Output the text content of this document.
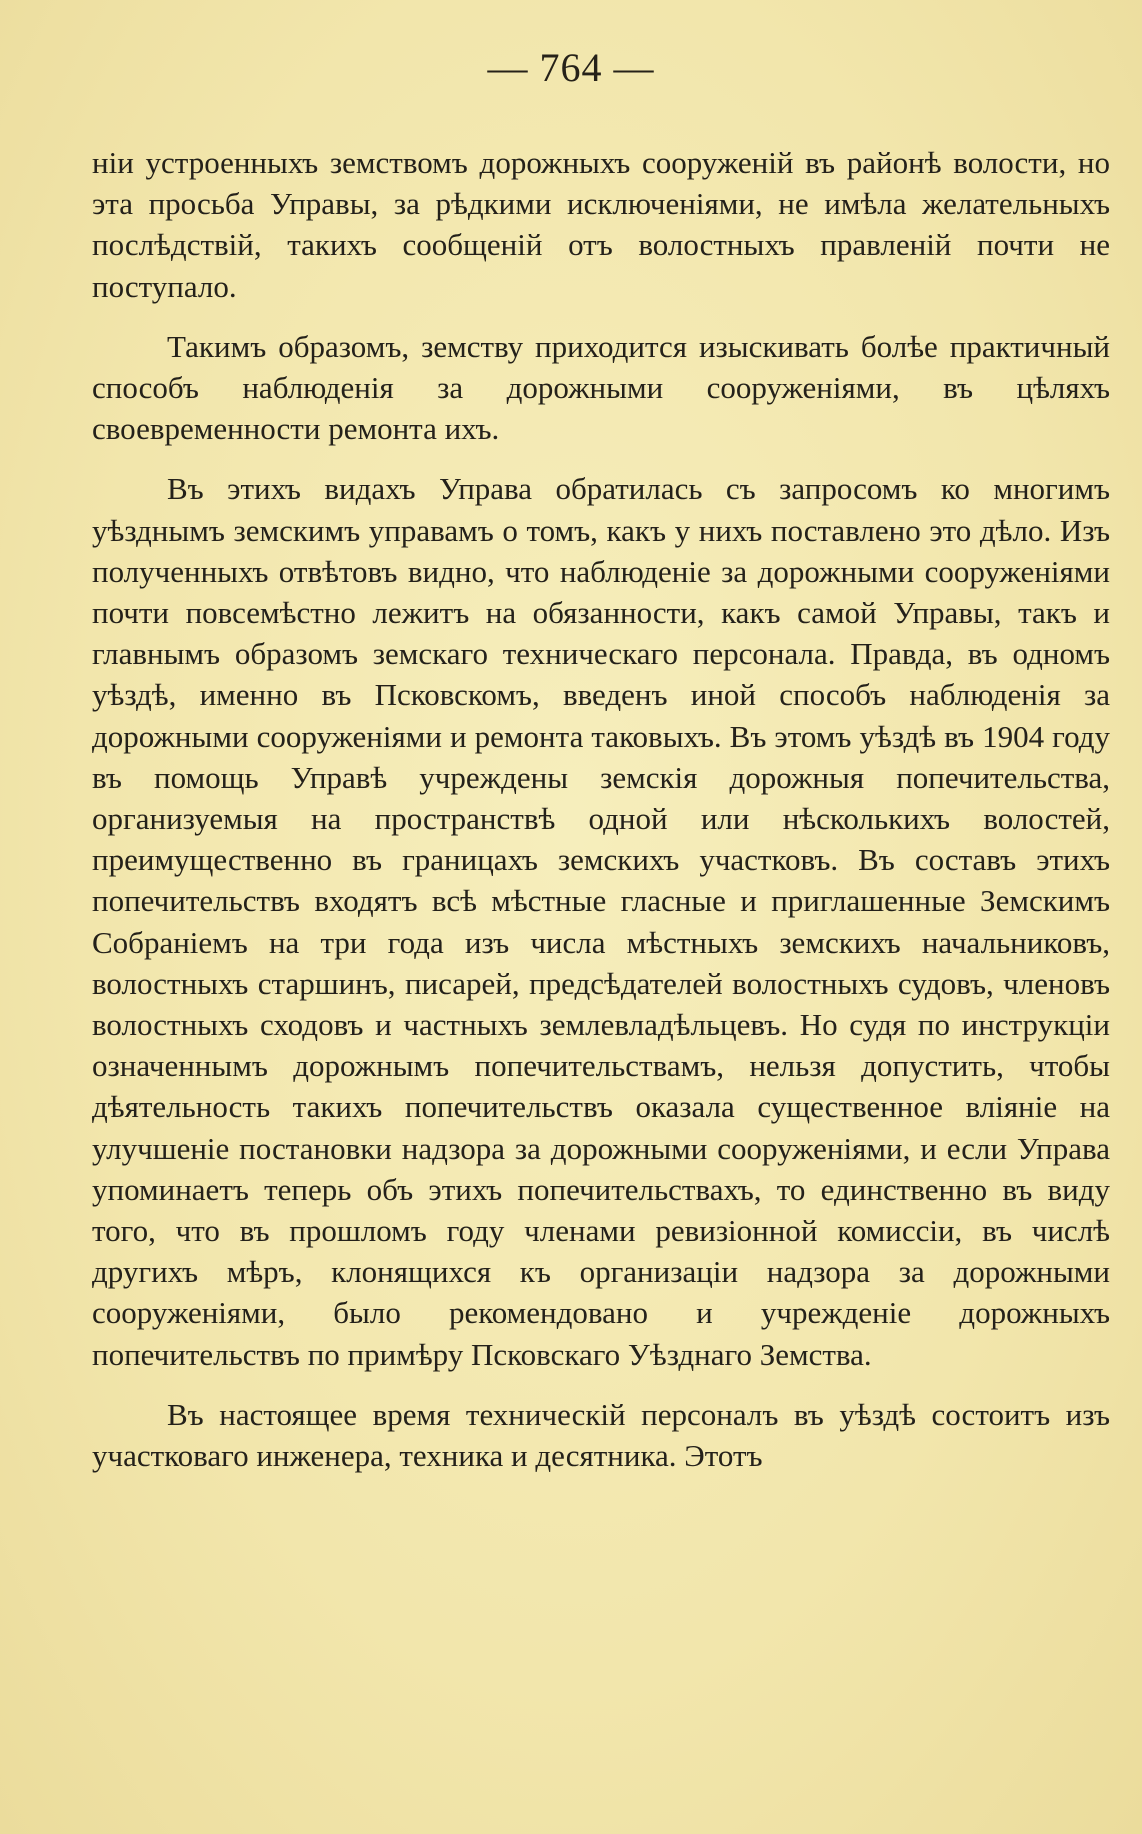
— 764 —

нiи устроенныхъ земствомъ дорожныхъ сооруженiй въ районѣ волости, но эта просьба Управы, за рѣдкими исключенiями, не имѣла желательныхъ послѣдствiй, такихъ сообщенiй отъ волостныхъ правленiй почти не поступало.

Такимъ образомъ, земству приходится изыскивать болѣе практичный способъ наблюденiя за дорожными сооруженiями, въ цѣляхъ своевременности ремонта ихъ.

Въ этихъ видахъ Управа обратилась съ запросомъ ко многимъ уѣзднымъ земскимъ управамъ о томъ, какъ у нихъ поставлено это дѣло. Изъ полученныхъ отвѣтовъ видно, что наблюденiе за дорожными сооруженiями почти повсемѣстно лежитъ на обязанности, какъ самой Управы, такъ и главнымъ образомъ земскаго техническаго персонала. Правда, въ одномъ уѣздѣ, именно въ Псковскомъ, введенъ иной способъ наблюденiя за дорожными сооруженiями и ремонта таковыхъ. Въ этомъ уѣздѣ въ 1904 году въ помощь Управѣ учреждены земскiя дорожныя попечительства, организуемыя на пространствѣ одной или нѣсколькихъ волостей, преимущественно въ границахъ земскихъ участковъ. Въ составъ этихъ попечительствъ входятъ всѣ мѣстные гласные и приглашенные Земскимъ Собранiемъ на три года изъ числа мѣстныхъ земскихъ начальниковъ, волостныхъ старшинъ, писарей, предсѣдателей волостныхъ судовъ, членовъ волостныхъ сходовъ и частныхъ землевладѣльцевъ. Но судя по инструкцiи означеннымъ дорожнымъ попечительствамъ, нельзя допустить, чтобы дѣятельность такихъ попечительствъ оказала существенное влiянiе на улучшенiе постановки надзора за дорожными сооруженiями, и если Управа упоминаетъ теперь объ этихъ попечительствахъ, то единственно въ виду того, что въ прошломъ году членами ревизiонной комиссiи, въ числѣ другихъ мѣръ, клонящихся къ организацiи надзора за дорожными сооруженiями, было рекомендовано и учрежденiе дорожныхъ попечительствъ по примѣру Псковскаго Уѣзднаго Земства.

Въ настоящее время техническiй персоналъ въ уѣздѣ состоитъ изъ участковаго инженера, техника и десятника. Этотъ
